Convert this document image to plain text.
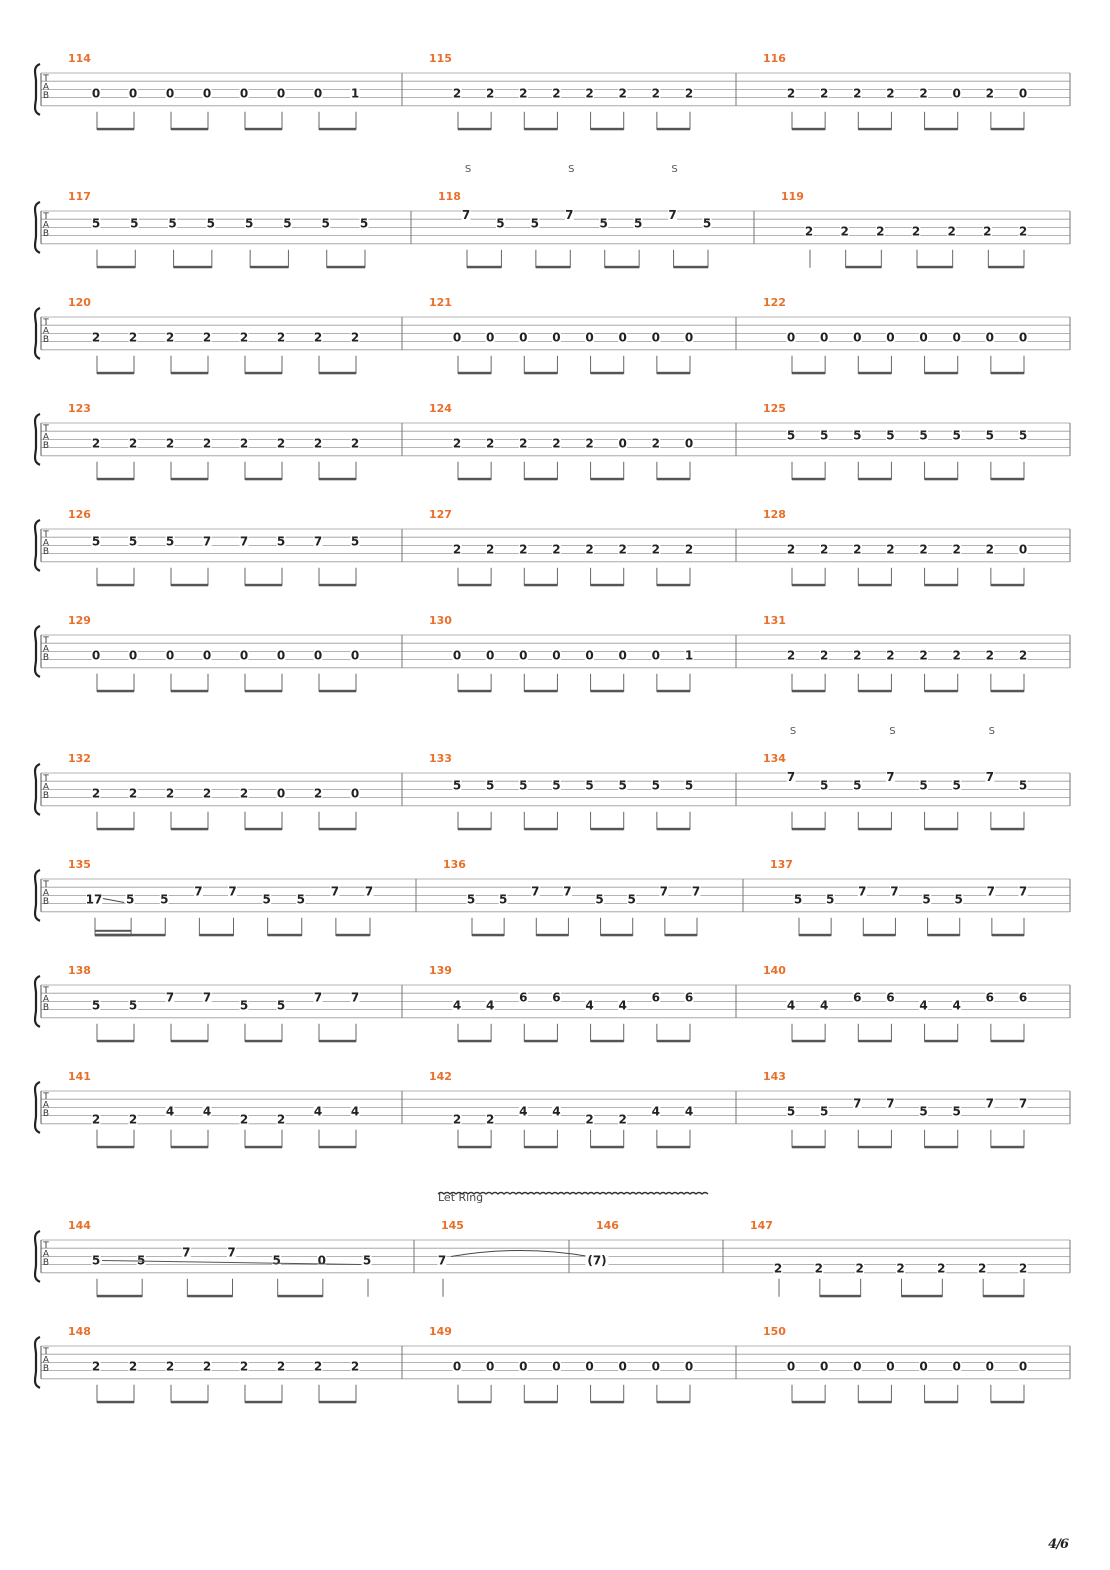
T
A
B
114
0 0 0 0 0 0 0 1
115
2 2 2 2 2 2 2 2
116
2 2 2 2 2 0 2 0
T
A
B
117
5 5 5 5 5 5 5 5
118
7
5 5
7
5 5
7
5
S	S	S
119
2 2 2 2 2 2 2
T
A
B
120
2 2 2 2 2 2 2 2
121
0 0 0 0 0 0 0 0
122
0 0 0 0 0 0 0 0
T
A
B
123
2 2 2 2 2 2 2 2
124
2 2 2 2 2 0 2 0
125
5 5 5 5 5 5 5 5
T
A
B
126
5 5 5 7 7 5 7 5
127
2 2 2 2 2 2 2 2
128
2 2 2 2 2 2 2 0
T
A
B
129
0 0 0 0 0 0 0 0
130
0 0 0 0 0 0 0 1
131
2 2 2 2 2 2 2 2
T
A
B
132
2 2 2 2 2 0 2 0
133
5 5 5 5 5 5 5 5
134
7
5 5
7
5 5
7
5
S	S	S
T
A
B
135
17 5 5
7 7
5 5
7 7
136
5 5
7 7
5 5
7 7
137
5 5
7 7
5 5
7 7
T
A
B
138
5 5
7 7
5 5
7 7
139
4 4
6 6
4 4
6 6
140
4 4
6 6
4 4
6 6
T
A
B
141
2 2
4 4
2 2
4 4
142
2 2
4 4
2 2
4 4
143
5 5
7 7
5 5
7 7
T
A
B
144
5	5
7	7
5	0	5
145
7
Let Ring
146
(7)
147
2	2	2	2	2	2	2
T
A
B
148
2 2 2 2 2 2 2 2
149
0 0 0 0 0 0 0 0
150
0 0 0 0 0 0 0 0
4/6
